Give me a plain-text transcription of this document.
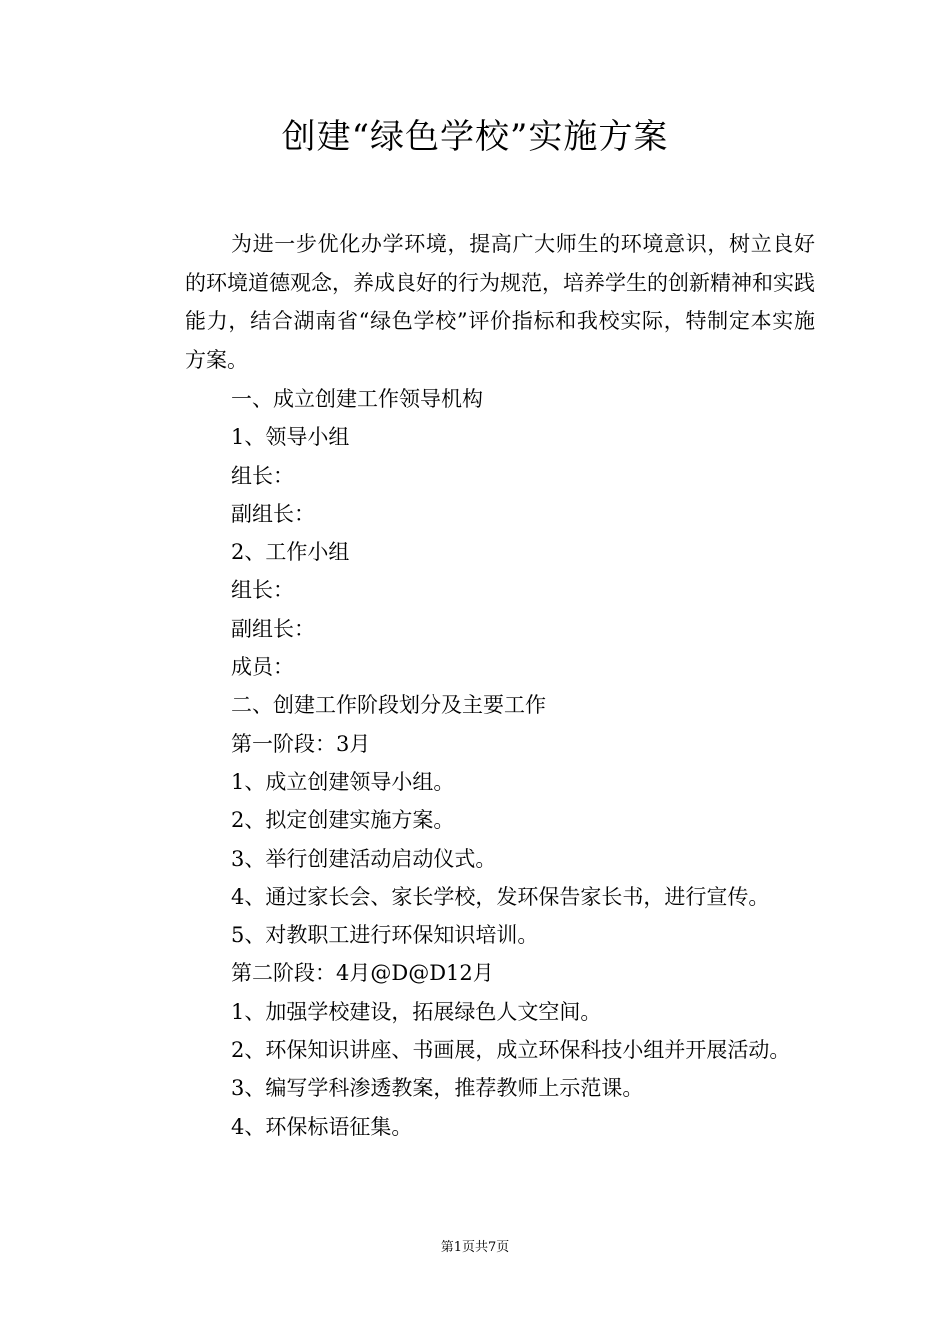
创建“绿色学校”实施方案

为进一步优化办学环境，提高广大师生的环境意识，树立良好的环境道德观念，养成良好的行为规范，培养学生的创新精神和实践能力，结合湖南省“绿色学校”评价指标和我校实际，特制定本实施方案。

一、成立创建工作领导机构
1、领导小组
组长：
副组长：
2、工作小组
组长：
副组长：
成员：
二、创建工作阶段划分及主要工作
第一阶段：3月
1、成立创建领导小组。
2、拟定创建实施方案。
3、举行创建活动启动仪式。
4、通过家长会、家长学校，发环保告家长书，进行宣传。
5、对教职工进行环保知识培训。
第二阶段：4月@D@D12月
1、加强学校建设，拓展绿色人文空间。
2、环保知识讲座、书画展，成立环保科技小组并开展活动。
3、编写学科渗透教案，推荐教师上示范课。
4、环保标语征集。
第1页共7页
